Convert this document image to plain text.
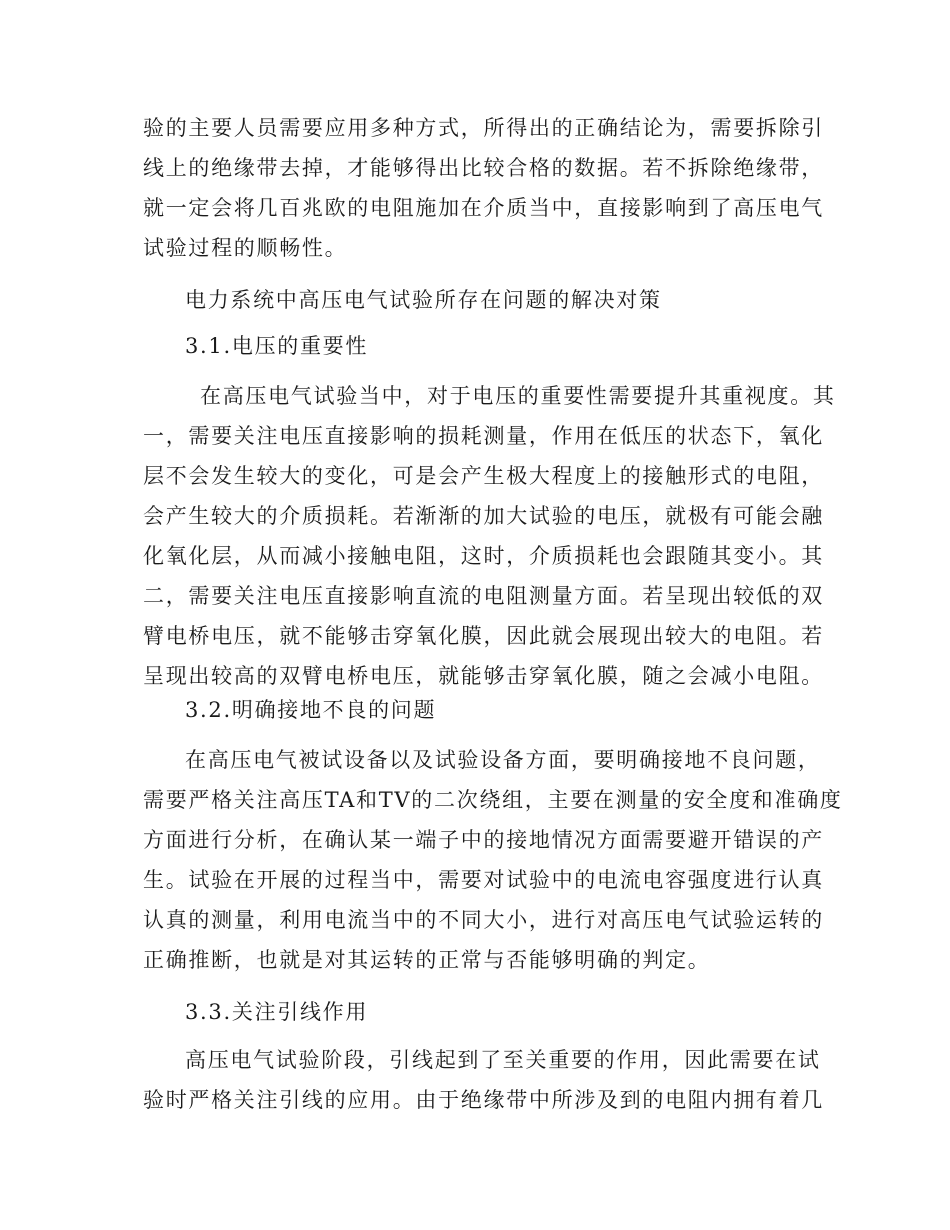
验的主要人员需要应用多种方式，所得出的正确结论为，需要拆除引
线上的绝缘带去掉，才能够得出比较合格的数据。若不拆除绝缘带，
就一定会将几百兆欧的电阻施加在介质当中，直接影响到了高压电气
试验过程的顺畅性。
电力系统中高压电气试验所存在问题的解决对策
3.1.电压的重要性
在高压电气试验当中，对于电压的重要性需要提升其重视度。其
一，需要关注电压直接影响的损耗测量，作用在低压的状态下，氧化
层不会发生较大的变化，可是会产生极大程度上的接触形式的电阻，
会产生较大的介质损耗。若渐渐的加大试验的电压，就极有可能会融
化氧化层，从而减小接触电阻，这时，介质损耗也会跟随其变小。其
二，需要关注电压直接影响直流的电阻测量方面。若呈现出较低的双
臂电桥电压，就不能够击穿氧化膜，因此就会展现出较大的电阻。若
呈现出较高的双臂电桥电压，就能够击穿氧化膜，随之会减小电阻。
3.2.明确接地不良的问题
在高压电气被试设备以及试验设备方面，要明确接地不良问题，
需要严格关注高压TA和TV的二次绕组，主要在测量的安全度和准确度
方面进行分析，在确认某一端子中的接地情况方面需要避开错误的产
生。试验在开展的过程当中，需要对试验中的电流电容强度进行认真
认真的测量，利用电流当中的不同大小，进行对高压电气试验运转的
正确推断，也就是对其运转的正常与否能够明确的判定。
3.3.关注引线作用
高压电气试验阶段，引线起到了至关重要的作用，因此需要在试
验时严格关注引线的应用。由于绝缘带中所涉及到的电阻内拥有着几
